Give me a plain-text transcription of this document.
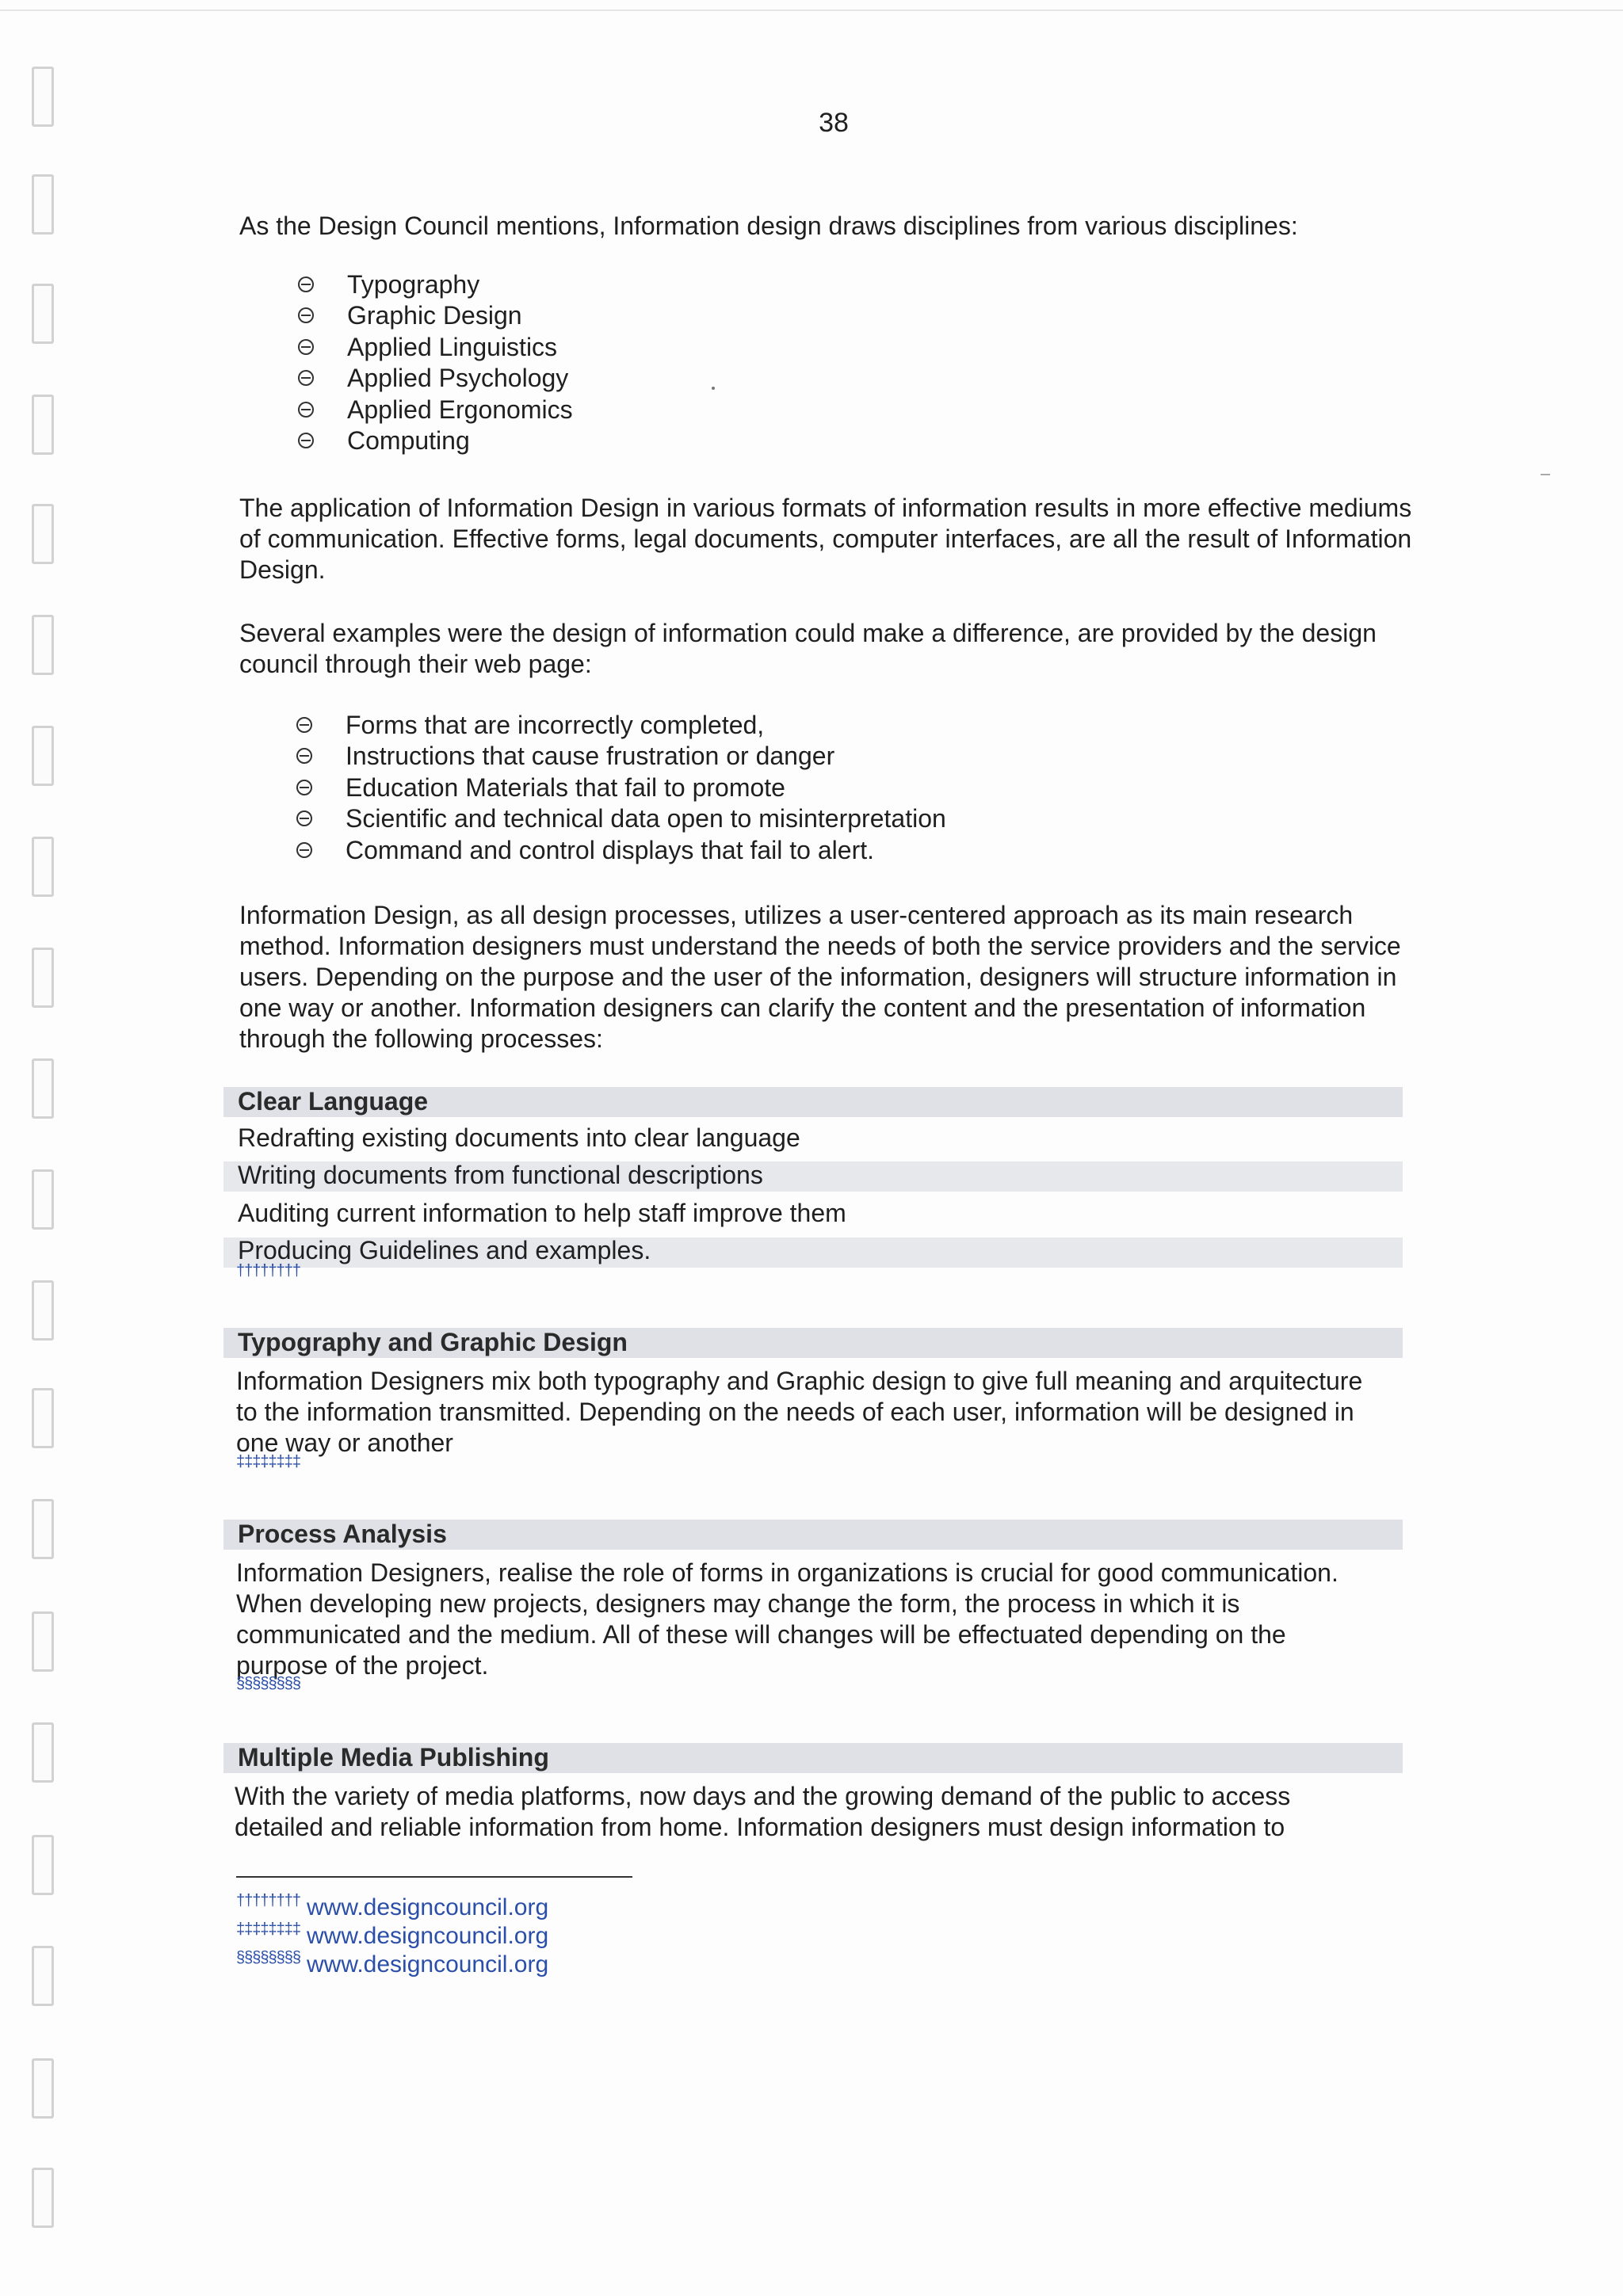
38

As the Design Council mentions, Information design draws disciplines from various disciplines:

Typography
Graphic Design
Applied Linguistics
Applied Psychology
Applied Ergonomics
Computing

The application of Information Design in various formats of information results in more effective mediums of communication. Effective forms, legal documents, computer interfaces, are all the result of Information Design.

Several examples were the design of information could make a difference, are provided by the design council through their web page:

Forms that are incorrectly completed,
Instructions that cause frustration or danger
Education Materials that fail to promote
Scientific and technical data open to misinterpretation
Command and control displays that fail to alert.

Information Design, as all design processes, utilizes a user-centered approach as its main research method. Information designers must understand the needs of both the service providers and the service users. Depending on the purpose and the user of the information, designers will structure information in one way or another. Information designers can clarify the content and the presentation of information through the following processes:

Clear Language
Redrafting existing documents into clear language
Writing documents from functional descriptions
Auditing current information to help staff improve them
Producing Guidelines and examples.
††††††††
Typography and Graphic Design

Information Designers mix both typography and Graphic design to give full meaning and arquitecture to the information transmitted. Depending on the needs of each user, information will be designed in one way or another

‡‡‡‡‡‡‡‡
Process Analysis

Information Designers, realise the role of forms in organizations is crucial for good communication. When developing new projects, designers may change the form, the process in which it is communicated and the medium. All of these will changes will be effectuated depending on the purpose of the project.

§§§§§§§§
Multiple Media Publishing

With the variety of media platforms, now days and the growing demand of the public to access detailed and reliable information from home. Information designers must design information to

†††††††† www.designcouncil.org
‡‡‡‡‡‡‡‡ www.designcouncil.org
§§§§§§§§ www.designcouncil.org
